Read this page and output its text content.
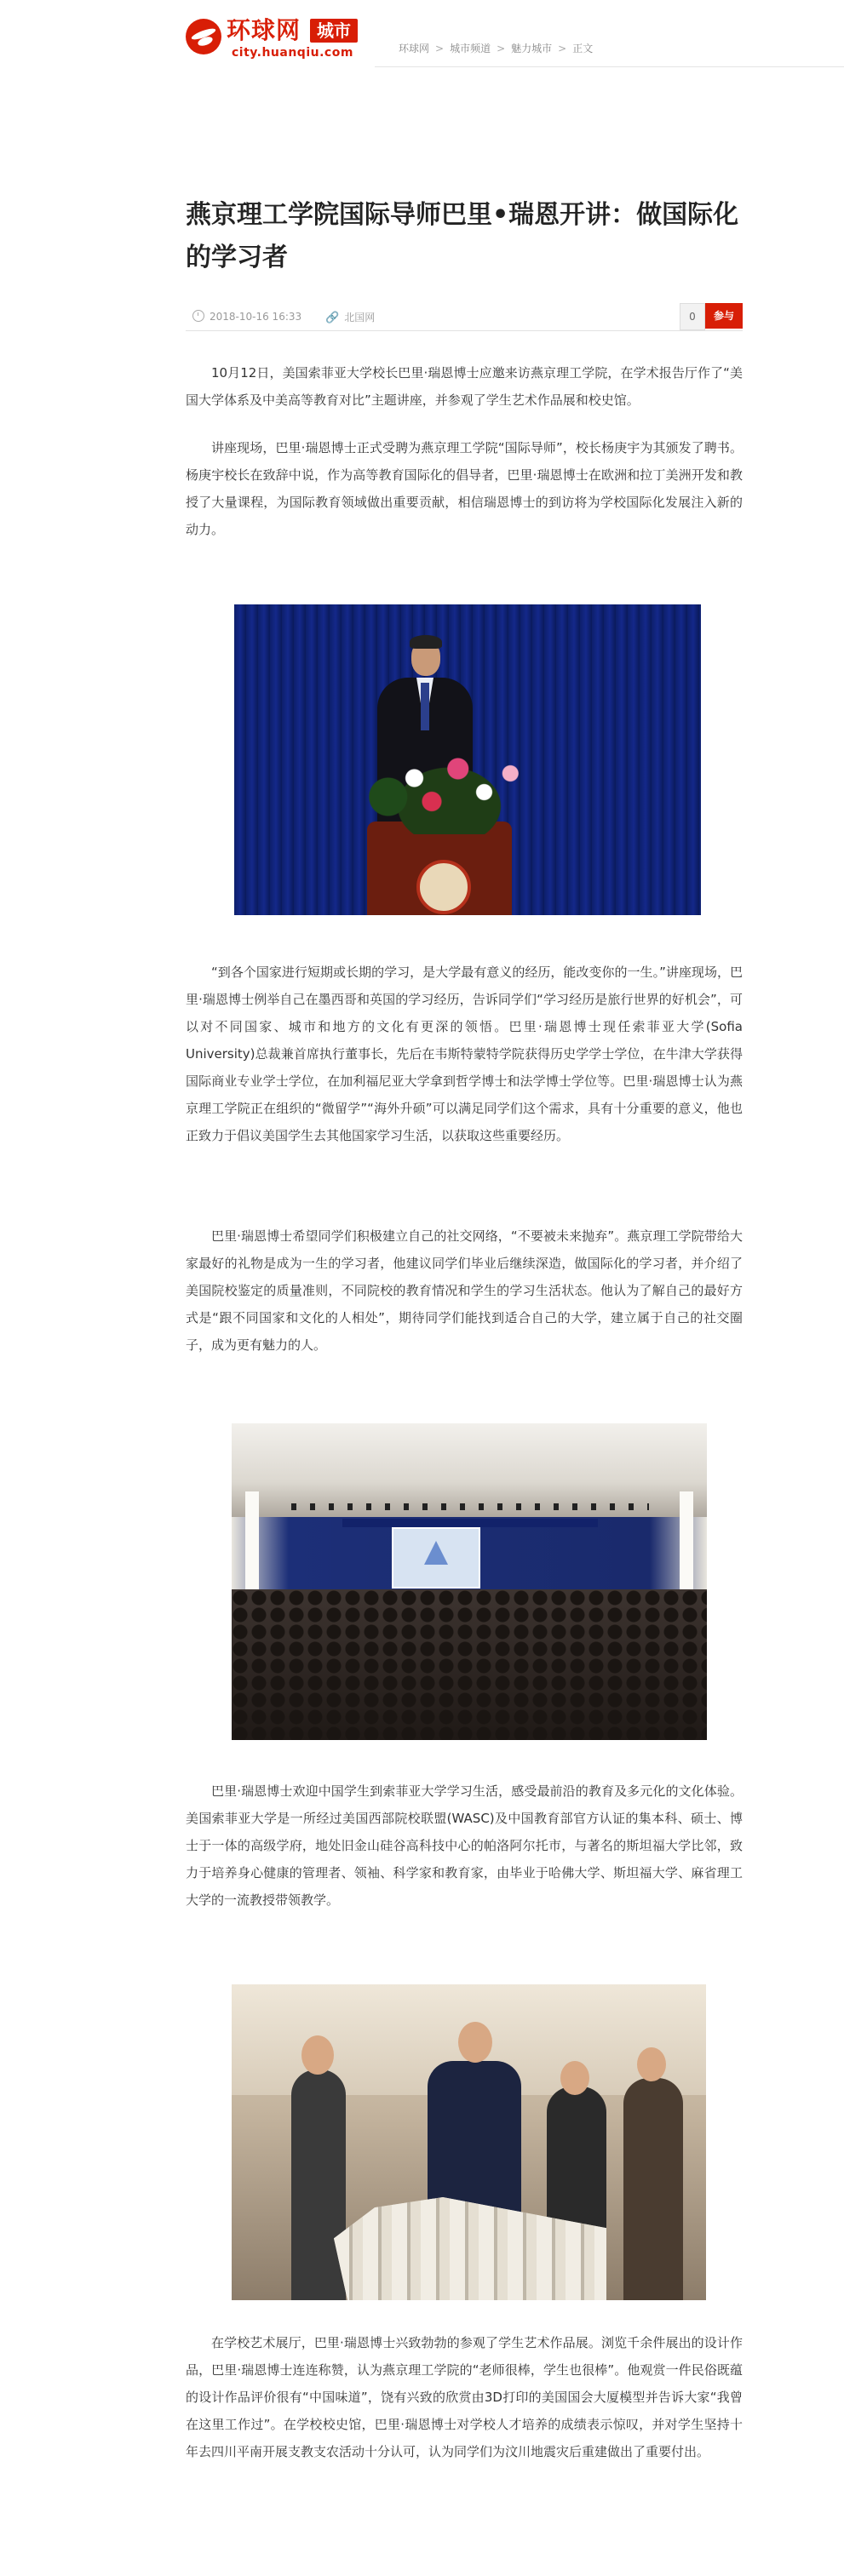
环球网 城市
city.huanqiu.com	环球网 > 城市频道 > 魅力城市 > 正文
燕京理工学院国际导师巴里•瑞恩开讲：做国际化的学习者
2018-10-16 16:33 🔗 北国网	0	参与

10月12日，美国索菲亚大学校长巴里·瑞恩博士应邀来访燕京理工学院，在学术报告厅作了“美国大学体系及中美高等教育对比”主题讲座，并参观了学生艺术作品展和校史馆。

讲座现场，巴里·瑞恩博士正式受聘为燕京理工学院“国际导师”，校长杨庚宇为其颁发了聘书。杨庚宇校长在致辞中说，作为高等教育国际化的倡导者，巴里·瑞恩博士在欧洲和拉丁美洲开发和教授了大量课程，为国际教育领域做出重要贡献，相信瑞恩博士的到访将为学校国际化发展注入新的动力。

“到各个国家进行短期或长期的学习，是大学最有意义的经历，能改变你的一生。”讲座现场，巴里·瑞恩博士例举自己在墨西哥和英国的学习经历，告诉同学们“学习经历是旅行世界的好机会”，可以对不同国家、城市和地方的文化有更深的领悟。巴里·瑞恩博士现任索菲亚大学(Sofia University)总裁兼首席执行董事长，先后在韦斯特蒙特学院获得历史学学士学位，在牛津大学获得国际商业专业学士学位，在加利福尼亚大学拿到哲学博士和法学博士学位等。巴里·瑞恩博士认为燕京理工学院正在组织的“微留学”“海外升硕”可以满足同学们这个需求，具有十分重要的意义，他也正致力于倡议美国学生去其他国家学习生活，以获取这些重要经历。

巴里·瑞恩博士希望同学们积极建立自己的社交网络，“不要被未来抛弃”。燕京理工学院带给大家最好的礼物是成为一生的学习者，他建议同学们毕业后继续深造，做国际化的学习者，并介绍了美国院校鉴定的质量准则，不同院校的教育情况和学生的学习生活状态。他认为了解自己的最好方式是“跟不同国家和文化的人相处”，期待同学们能找到适合自己的大学，建立属于自己的社交圈子，成为更有魅力的人。

巴里·瑞恩博士欢迎中国学生到索菲亚大学学习生活，感受最前沿的教育及多元化的文化体验。美国索菲亚大学是一所经过美国西部院校联盟(WASC)及中国教育部官方认证的集本科、硕士、博士于一体的高级学府，地处旧金山硅谷高科技中心的帕洛阿尔托市，与著名的斯坦福大学比邻，致力于培养身心健康的管理者、领袖、科学家和教育家，由毕业于哈佛大学、斯坦福大学、麻省理工大学的一流教授带领教学。

在学校艺术展厅，巴里·瑞恩博士兴致勃勃的参观了学生艺术作品展。浏览千余件展出的设计作品，巴里·瑞恩博士连连称赞，认为燕京理工学院的“老师很棒，学生也很棒”。他观赏一件民俗既蕴的设计作品评价很有“中国味道”，饶有兴致的欣赏由3D打印的美国国会大厦模型并告诉大家“我曾在这里工作过”。在学校校史馆，巴里·瑞恩博士对学校人才培养的成绩表示惊叹，并对学生坚持十年去四川平南开展支教支农活动十分认可，认为同学们为汶川地震灾后重建做出了重要付出。
